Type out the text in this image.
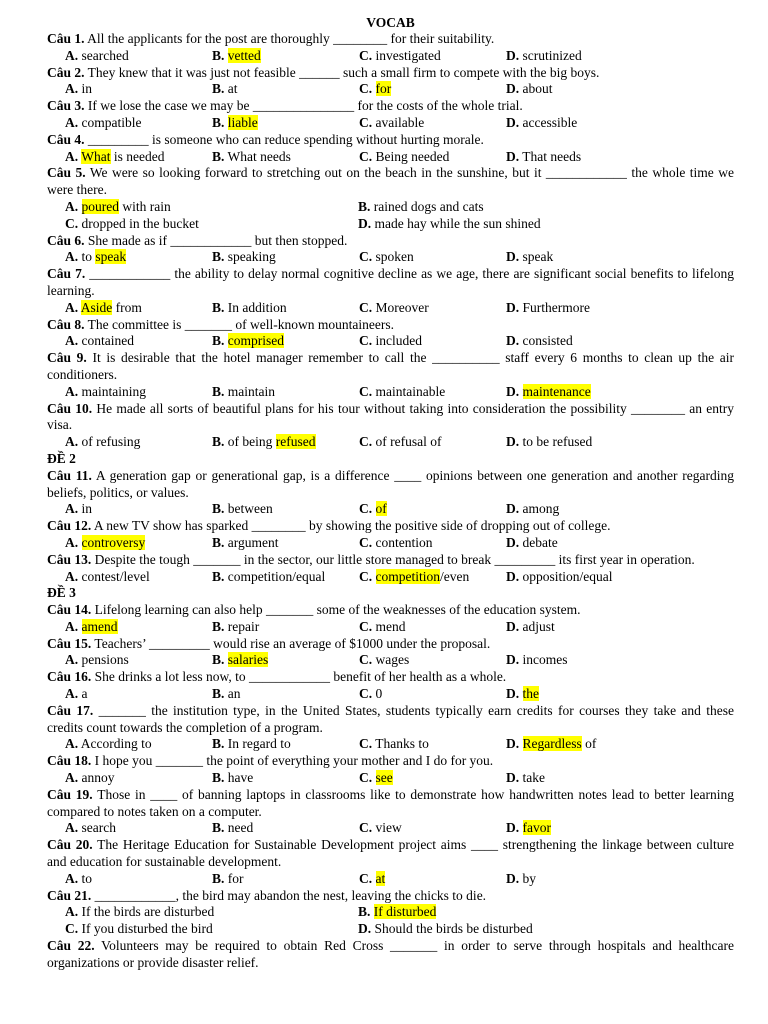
VOCAB
Câu 1. All the applicants for the post are thoroughly ________ for their suitability.
A. searched	B. vetted	C. investigated	D. scrutinized
Câu 2. They knew that it was just not feasible ______ such a small firm to compete with the big boys.
A. in	B. at	C. for	D. about
Câu 3. If we lose the case we may be _______________ for the costs of the whole trial.
A. compatible	B. liable	C. available	D. accessible
Câu 4. _________ is someone who can reduce spending without hurting morale.
A. What is needed	B. What needs	C. Being needed	D. That needs
Câu 5. We were so looking forward to stretching out on the beach in the sunshine, but it ____________ the whole time we were there.
A. poured with rain	B. rained dogs and cats
C. dropped in the bucket	D. made hay while the sun shined
Câu 6. She made as if ____________ but then stopped.
A. to speak	B. speaking	C. spoken	D. speak
Câu 7. ____________ the ability to delay normal cognitive decline as we age, there are significant social benefits to lifelong learning.
A. Aside from	B. In addition	C. Moreover	D. Furthermore
Câu 8. The committee is _______ of well-known mountaineers.
A. contained	B. comprised	C. included	D. consisted
Câu 9. It is desirable that the hotel manager remember to call the __________ staff every 6 months to clean up the air conditioners.
A. maintaining	B. maintain	C. maintainable	D. maintenance
Câu 10. He made all sorts of beautiful plans for his tour without taking into consideration the possibility ________ an entry visa.
A. of refusing	B. of being refused	C. of refusal of	D. to be refused
ĐỀ 2
Câu 11. A generation gap or generational gap, is a difference ____ opinions between one generation and another regarding beliefs, politics, or values.
A. in	B. between	C. of	D. among
Câu 12. A new TV show has sparked ________ by showing the positive side of dropping out of college.
A. controversy	B. argument	C. contention	D. debate
Câu 13. Despite the tough _______ in the sector, our little store managed to break _________ its first year in operation.
A. contest/level	B. competition/equal	C. competition/even	D. opposition/equal
ĐỀ 3
Câu 14. Lifelong learning can also help _______ some of the weaknesses of the education system.
A. amend	B. repair	C. mend	D. adjust
Câu 15. Teachers’ _________ would rise an average of $1000 under the proposal.
A. pensions	B. salaries	C. wages	D. incomes
Câu 16. She drinks a lot less now, to ____________ benefit of her health as a whole.
A. a	B. an	C. 0	D. the
Câu 17. _______ the institution type, in the United States, students typically earn credits for courses they take and these credits count towards the completion of a program.
A. According to	B. In regard to	C. Thanks to	D. Regardless of
Câu 18. I hope you _______ the point of everything your mother and I do for you.
A. annoy	B. have	C. see	D. take
Câu 19. Those in ____ of banning laptops in classrooms like to demonstrate how handwritten notes lead to better learning compared to notes taken on a computer.
A. search	B. need	C. view	D. favor
Câu 20. The Heritage Education for Sustainable Development project aims ____ strengthening the linkage between culture and education for sustainable development.
A. to	B. for	C. at	D. by
Câu 21. ____________, the bird may abandon the nest, leaving the chicks to die.
A. If the birds are disturbed	B. If disturbed
C. If you disturbed the bird	D. Should the birds be disturbed
Câu 22. Volunteers may be required to obtain Red Cross _______ in order to serve through hospitals and healthcare organizations or provide disaster relief.
